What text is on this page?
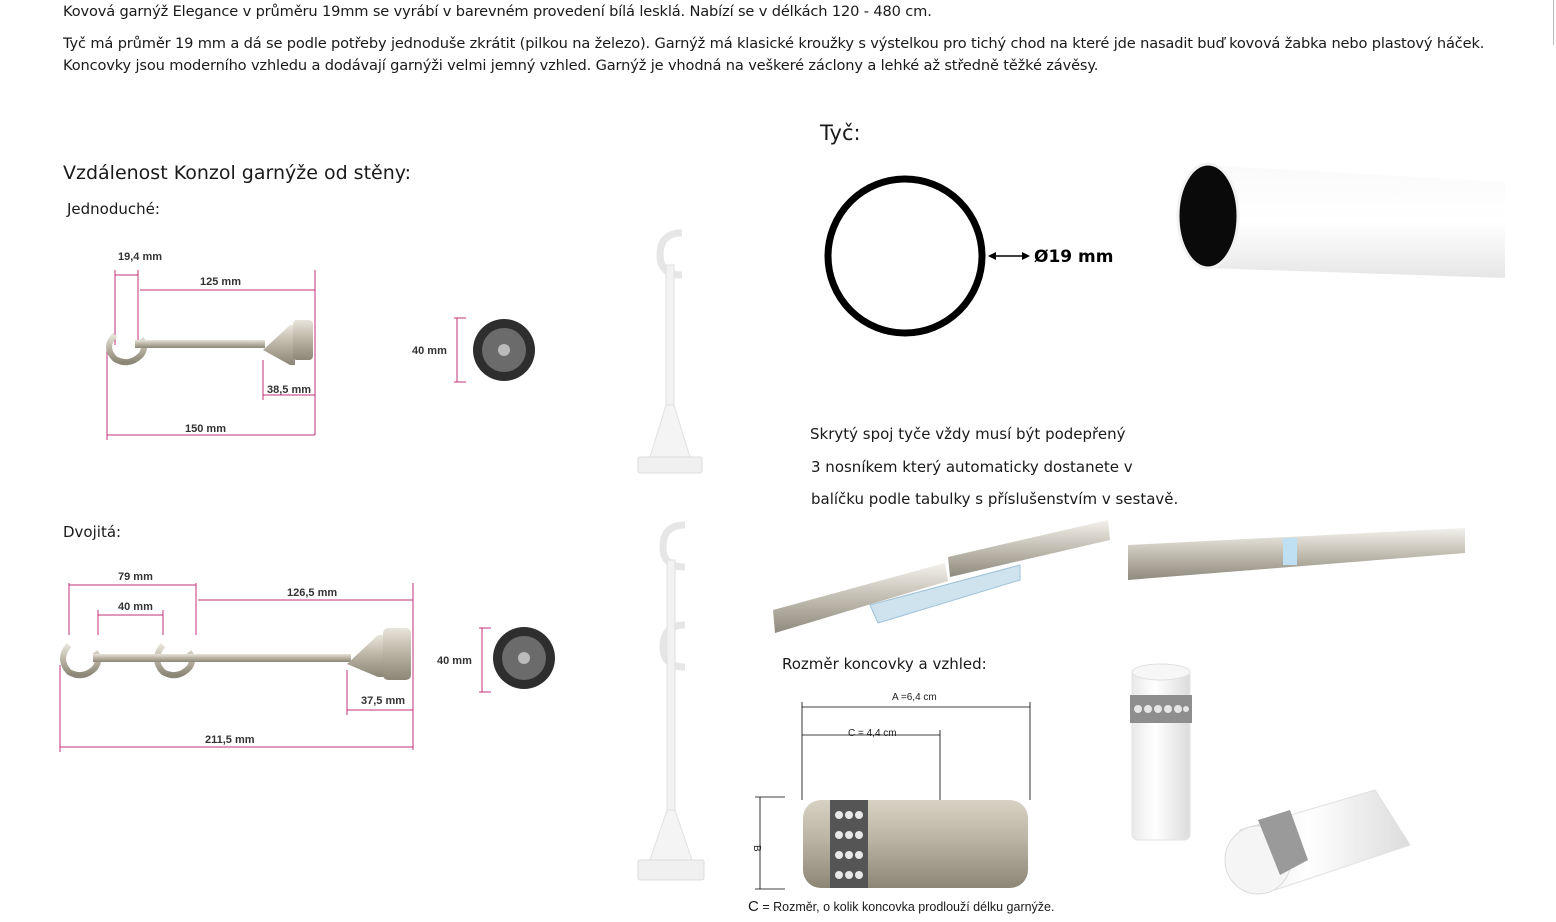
Kovová garnýž Elegance v průměru 19mm se vyrábí v barevném provedení bílá lesklá. Nabízí se v délkách 120 - 480 cm.
Tyč má průměr 19 mm a dá se podle potřeby jednoduše zkrátit (pilkou na železo). Garnýž má klasické kroužky s výstelkou pro tichý chod na které jde nasadit buď kovová žabka nebo plastový háček.
Koncovky jsou moderního vzhledu a dodávají garnýži velmi jemný vzhled. Garnýž je vhodná na veškeré záclony a lehké až středně těžké závěsy.
Vzdálenost Konzol garnýže od stěny:
Jednoduché:
Dvojitá:
Tyč:
19,4 mm
125 mm
38,5 mm
150 mm
40 mm
79 mm
40 mm
126,5 mm
37,5 mm
211,5 mm
40 mm
Ø19 mm
Skrytý spoj tyče vždy musí být podepřený
3 nosníkem který automaticky dostanete v
balíčku podle tabulky s příslušenstvím v sestavě.
Rozměr koncovky a vzhled:
A =6,4 cm
C = 4,4 cm
B
C = Rozměr, o kolik koncovka prodlouží délku garnýže.
